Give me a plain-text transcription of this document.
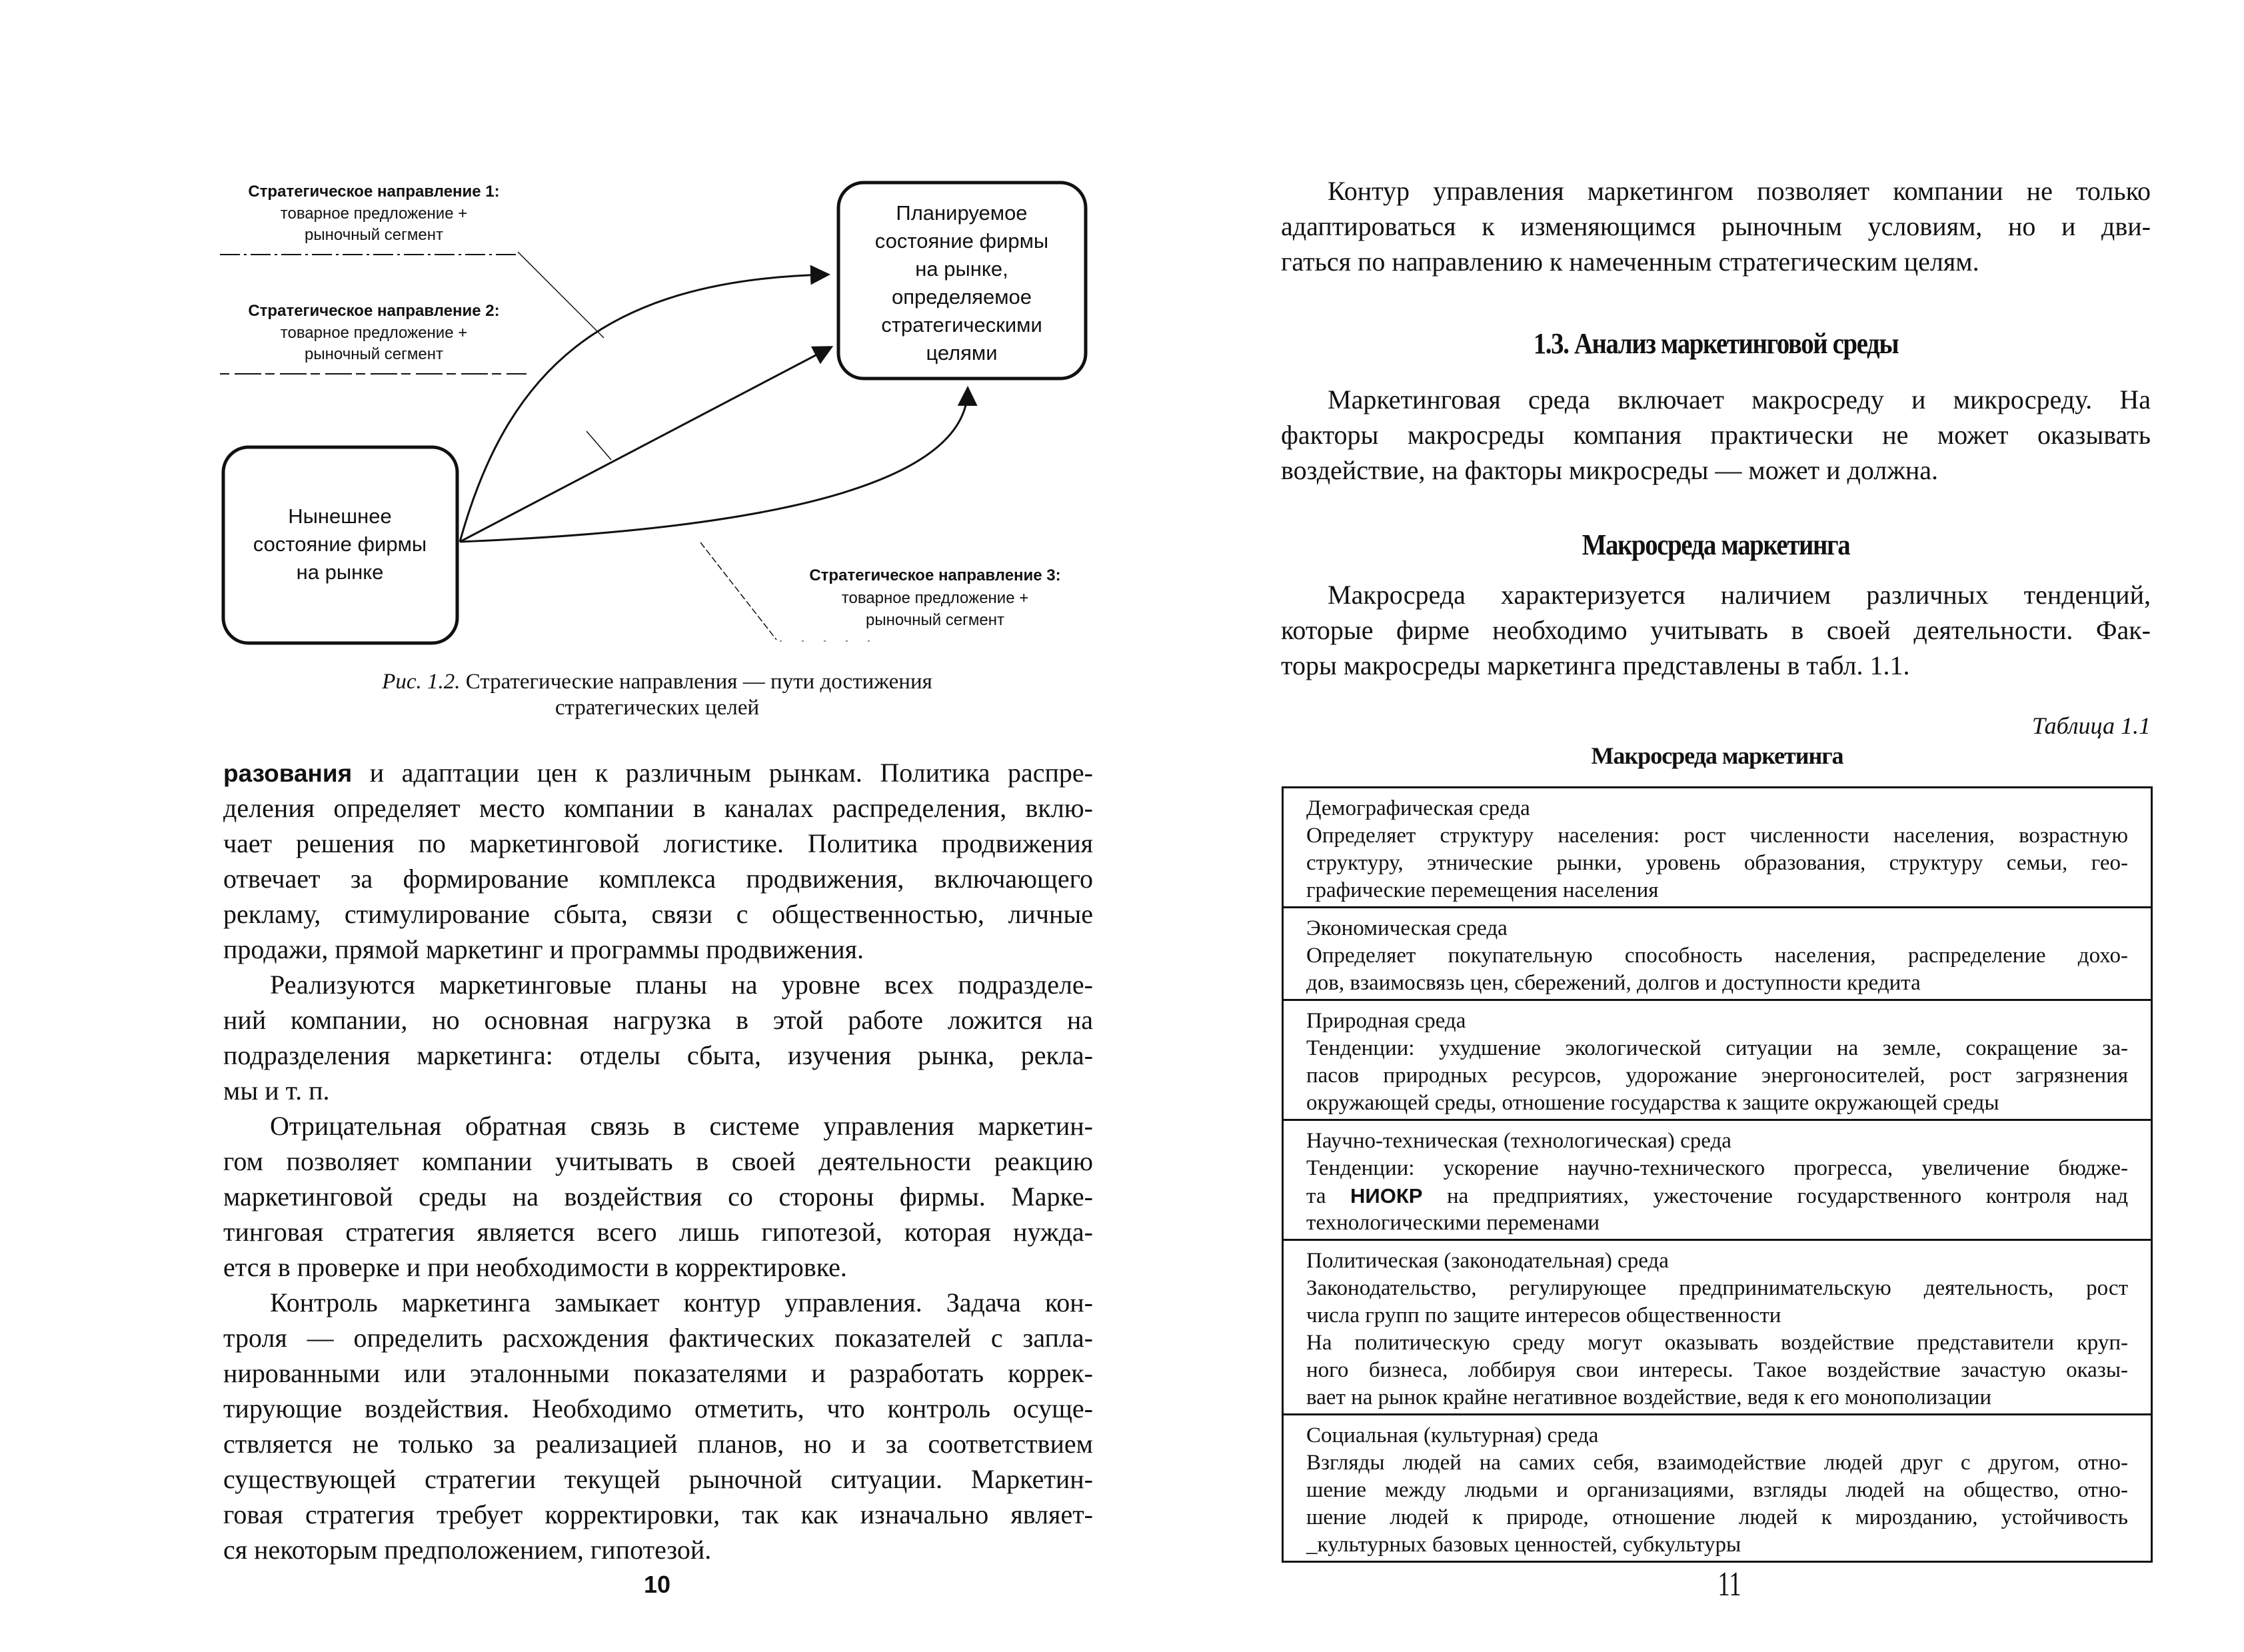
Планируемое
состояние фирмы
на рынке,
определяемое
стратегическими
целями
Нынешнее
состояние фирмы
на рынке
Стратегическое направление 1:
товарное предложение +
рыночный сегмент
Стратегическое направление 2:
товарное предложение +
рыночный сегмент
Стратегическое направление 3:
товарное предложение +
рыночный сегмент
Рис. 1.2. Стратегические направления — пути достижения
стратегических целей
разования и адаптации цен к различным рынкам. Политика распре-
деления определяет место компании в каналах распределения, вклю-
чает решения по маркетинговой логистике. Политика продвижения
отвечает за формирование комплекса продвижения, включающего
рекламу, стимулирование сбыта, связи с общественностью, личные
продажи, прямой маркетинг и программы продвижения.
Реализуются маркетинговые планы на уровне всех подразделе-
ний компании, но основная нагрузка в этой работе ложится на
подразделения маркетинга: отделы сбыта, изучения рынка, рекла-
мы и т. п.
Отрицательная обратная связь в системе управления маркетин-
гом позволяет компании учитывать в своей деятельности реакцию
маркетинговой среды на воздействия со стороны фирмы. Марке-
тинговая стратегия является всего лишь гипотезой, которая нужда-
ется в проверке и при необходимости в корректировке.
Контроль маркетинга замыкает контур управления. Задача кон-
троля — определить расхождения фактических показателей с запла-
нированными или эталонными показателями и разработать коррек-
тирующие воздействия. Необходимо отметить, что контроль осуще-
ствляется не только за реализацией планов, но и за соответствием
существующей стратегии текущей рыночной ситуации. Маркетин-
говая стратегия требует корректировки, так как изначально являет-
ся некоторым предположением, гипотезой.
10
Контур управления маркетингом позволяет компании не только
адаптироваться к изменяющимся рыночным условиям, но и дви-
гаться по направлению к намеченным стратегическим целям.
1.3. Анализ маркетинговой среды
Маркетинговая среда включает макросреду и микросреду. На
факторы макросреды компания практически не может оказывать
воздействие, на факторы микросреды — может и должна.
Макросреда маркетинга
Макросреда характеризуется наличием различных тенденций,
которые фирме необходимо учитывать в своей деятельности. Фак-
торы макросреды маркетинга представлены в табл. 1.1.
Таблица 1.1
Макросреда маркетинга
Демографическая среда
Определяет структуру населения: рост численности населения, возрастную
структуру, этнические рынки, уровень образования, структуру семьи, гео-
графические перемещения населения

Экономическая среда
Определяет покупательную способность населения, распределение дохо-
дов, взаимосвязь цен, сбережений, долгов и доступности кредита

Природная среда
Тенденции: ухудшение экологической ситуации на земле, сокращение за-
пасов природных ресурсов, удорожание энергоносителей, рост загрязнения
окружающей среды, отношение государства к защите окружающей среды

Научно-техническая (технологическая) среда
Тенденции: ускорение научно-технического прогресса, увеличение бюдже-
та НИОКР на предприятиях, ужесточение государственного контроля над
технологическими переменами

Политическая (законодательная) среда
Законодательство, регулирующее предпринимательскую деятельность, рост
числа групп по защите интересов общественности
На политическую среду могут оказывать воздействие представители круп-
ного бизнеса, лоббируя свои интересы. Такое воздействие зачастую оказы-
вает на рынок крайне негативное воздействие, ведя к его монополизации

Социальная (культурная) среда
Взгляды людей на самих себя, взаимодействие людей друг с другом, отно-
шение между людьми и организациями, взгляды людей на общество, отно-
шение людей к природе, отношение людей к мирозданию, устойчивость
_культурных базовых ценностей, субкультуры
11
